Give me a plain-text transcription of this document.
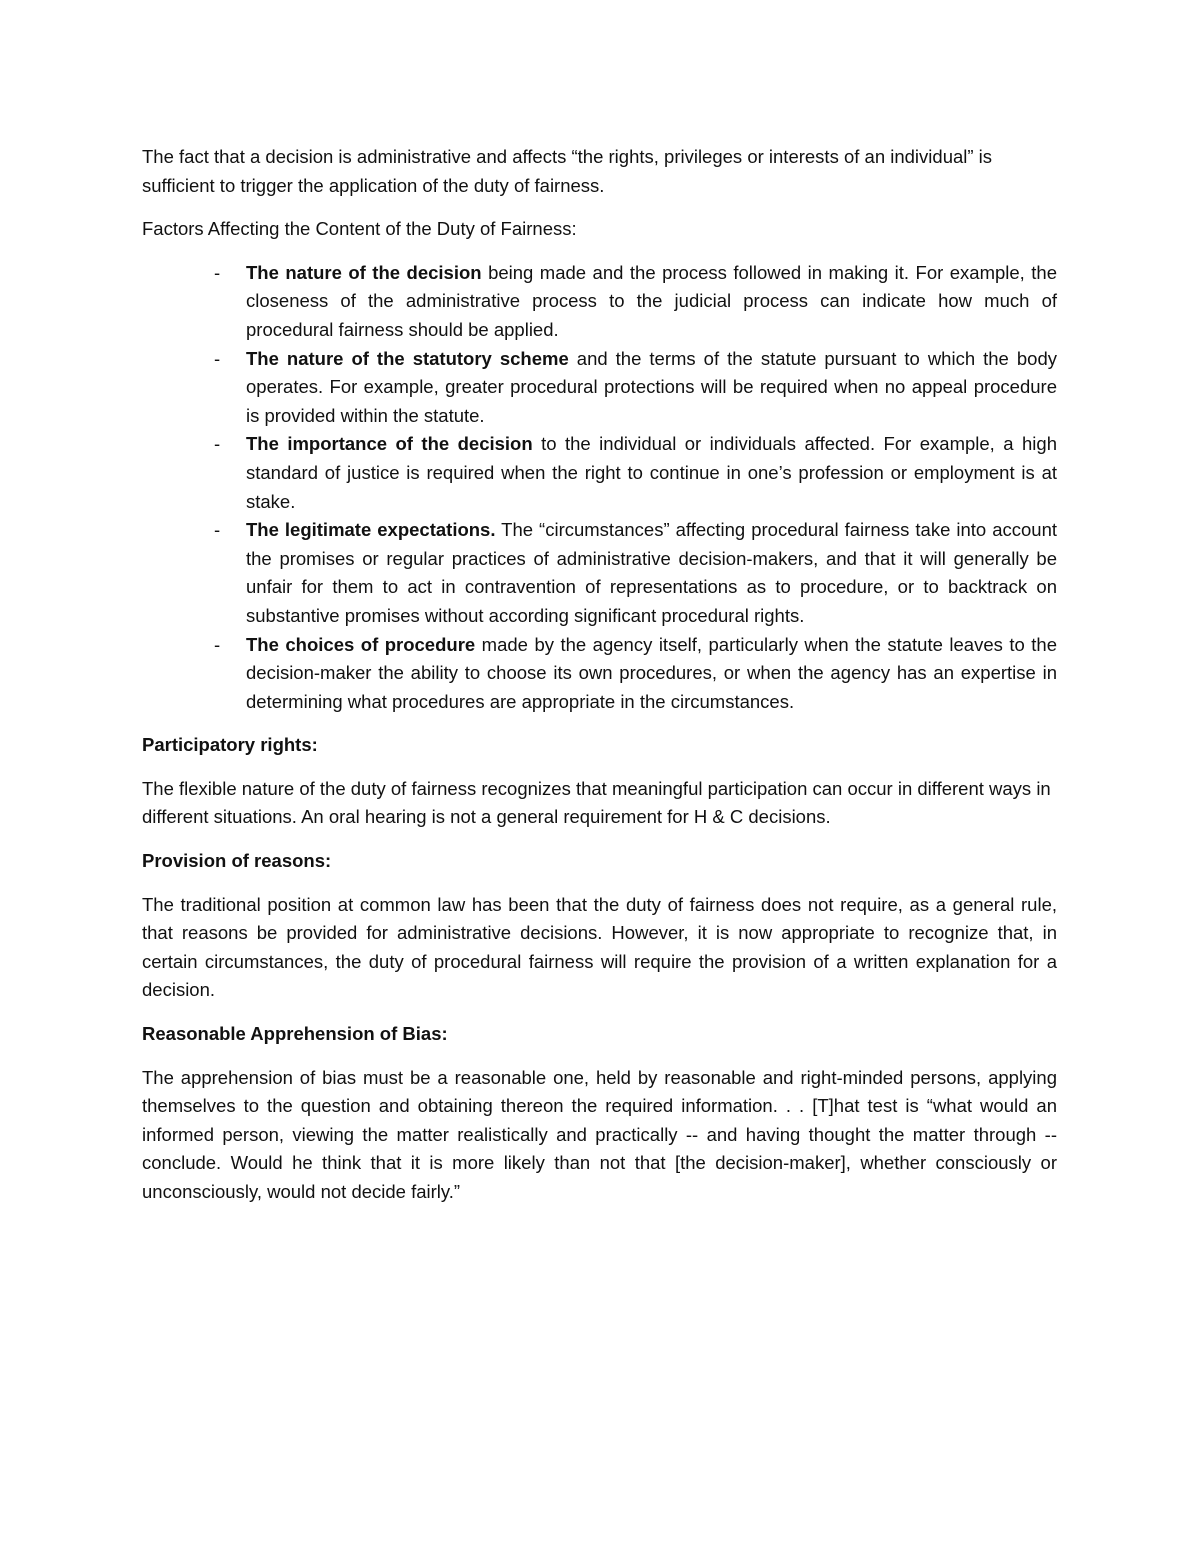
The fact that a decision is administrative and affects “the rights, privileges or interests of an individual” is sufficient to trigger the application of the duty of fairness.

Factors Affecting the Content of the Duty of Fairness:

- The nature of the decision being made and the process followed in making it. For example, the closeness of the administrative process to the judicial process can indicate how much of procedural fairness should be applied.
- The nature of the statutory scheme and the terms of the statute pursuant to which the body operates. For example, greater procedural protections will be required when no appeal procedure is provided within the statute.
- The importance of the decision to the individual or individuals affected. For example, a high standard of justice is required when the right to continue in one’s profession or employment is at stake.
- The legitimate expectations. The “circumstances” affecting procedural fairness take into account the promises or regular practices of administrative decision-makers, and that it will generally be unfair for them to act in contravention of representations as to procedure, or to backtrack on substantive promises without according significant procedural rights.
- The choices of procedure made by the agency itself, particularly when the statute leaves to the decision-maker the ability to choose its own procedures, or when the agency has an expertise in determining what procedures are appropriate in the circumstances.

Participatory rights:

The flexible nature of the duty of fairness recognizes that meaningful participation can occur in different ways in different situations. An oral hearing is not a general requirement for H & C decisions.

Provision of reasons:

The traditional position at common law has been that the duty of fairness does not require, as a general rule, that reasons be provided for administrative decisions. However, it is now appropriate to recognize that, in certain circumstances, the duty of procedural fairness will require the provision of a written explanation for a decision.

Reasonable Apprehension of Bias:

The apprehension of bias must be a reasonable one, held by reasonable and right-minded persons, applying themselves to the question and obtaining thereon the required information. . . [T]hat test is “what would an informed person, viewing the matter realistically and practically -- and having thought the matter through -- conclude. Would he think that it is more likely than not that [the decision-maker], whether consciously or unconsciously, would not decide fairly.”
